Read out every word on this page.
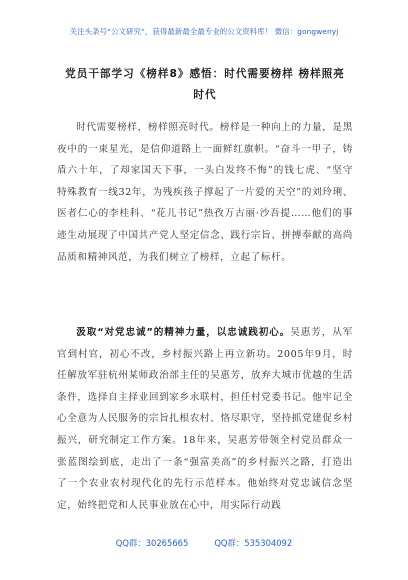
关注头条号“公文研究”，获得最新最全最专业的公文资料库！ 微信：gongwenyj
党员干部学习《榜样8》感悟：时代需要榜样 榜样照亮时代
时代需要榜样，榜样照亮时代。榜样是一种向上的力量，是黑夜中的一束星光，是信仰道路上一面鲜红旗帜。“奋斗一甲子，铸盾六十年，了却家国天下事，一头白发终不悔”的钱七虎、“坚守特殊教育一线32年，为残疾孩子撑起了一片爱的天空”的刘玲琍、医者仁心的李桂科、“花儿书记”热孜万古丽·沙吾提……他们的事迹生动展现了中国共产党人坚定信念、践行宗旨、拼搏奉献的高尚品质和精神风范，为我们树立了榜样，立起了标杆。
汲取“对党忠诚”的精神力量，以忠诚践初心。吴惠芳，从军官到村官，初心不改，乡村振兴路上再立新功。2005年9月，时任解放军驻杭州某师政治部主任的吴惠芳，放弃大城市优越的生活条件，选择自主择业回到家乡永联村，担任村党委书记。他牢记全心全意为人民服务的宗旨扎根农村、恪尽职守，坚持抓党建促乡村振兴，研究制定工作方案。18年来，吴惠芳带领全村党员群众一张蓝图绘到底，走出了一条“强富美高”的乡村振兴之路，打造出了一个农业农村现代化的先行示范样本。他始终对党忠诚信念坚定，始终把党和人民事业放在心中，用实际行动践
QQ群：30265665	QQ群：535304092
